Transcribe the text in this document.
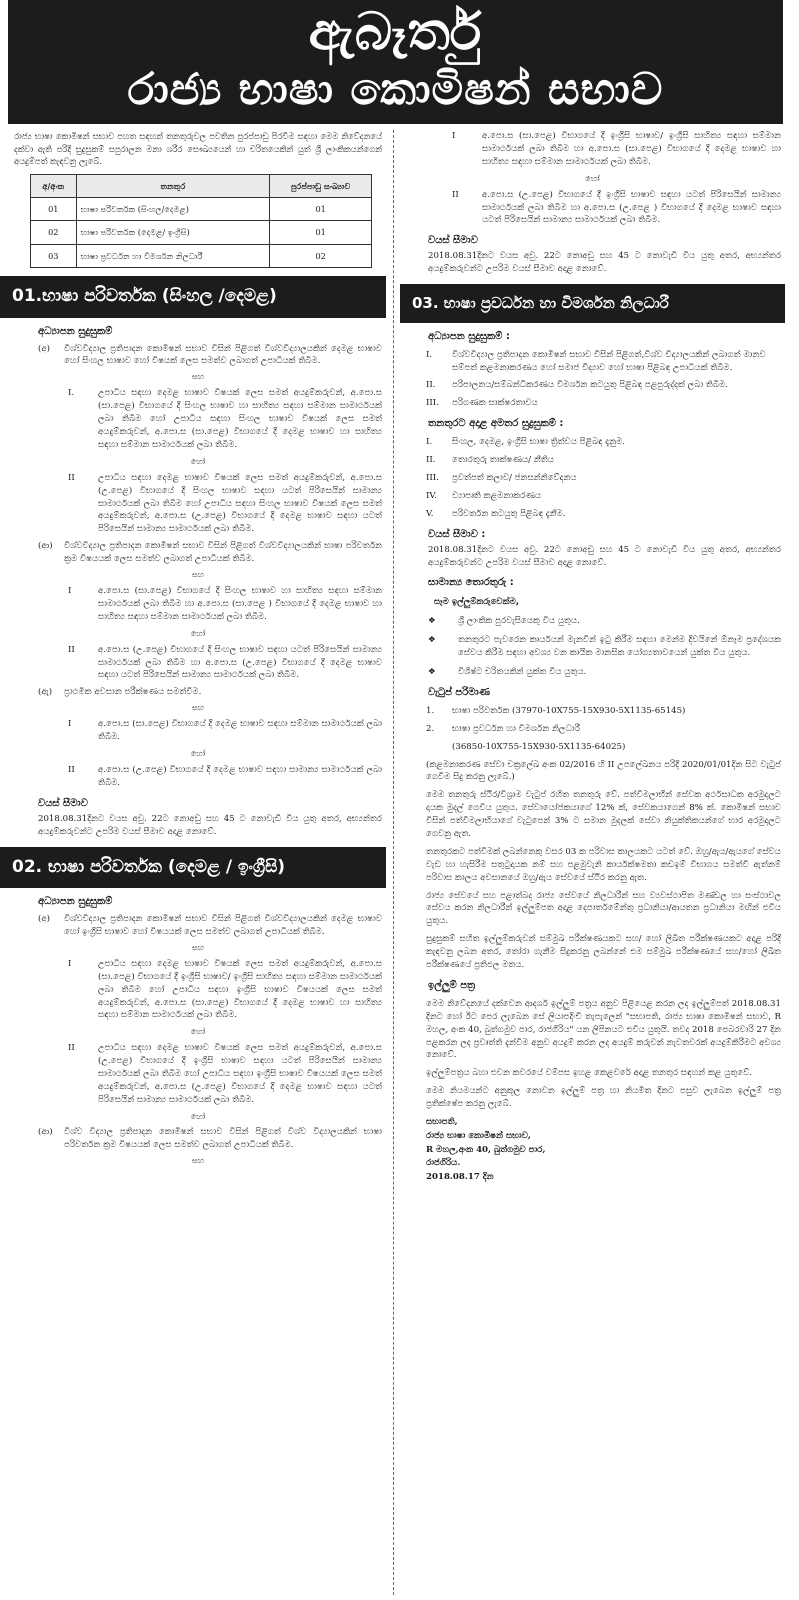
ඇබෑර්තු
රාජ්‍ය භාෂා කොමිෂන් සභාව

රාජ්‍ය භාෂා කොමිෂන් සභාව පහත සඳහන් තනතුරුවල පවතින පුරප්පාඩු පිරවීම සඳහා මෙම නිවේදනයේ දක්වා ඇති පරිදි සුදුසුකම් සපුරාලන මනා ශරීර සෞඛ්‍යයෙන් හා චරිතයෙකින් යුත් ශ්‍රී ලාංකිකයන්ගෙන් අයදුම්පත් කැඳවනු ලැබේ.

අ/අංක	තනතුර	පුරප්පාඩු සංඛ්‍යාව
01	භාෂා පරිවර්තක (සිංහල/දෙමළ)	01
02	භාෂා පරිවර්තක (දෙමළ/ ඉංග්‍රීසි)	01
03	භාෂා ප්‍රවර්ධන හා විමර්ශන නිලධාරී	02
01.භාෂා පරිවර්තක (සිංහල /දෙමළ)
අධ්‍යාපන සුදුසුකම්
(අ)	විශ්වවිද්‍යාල ප්‍රතිපාදන කොමිෂන් සභාව විසින් පිළිගත් විශ්වවිද්‍යාලයකින් දෙමළ භාෂාව හෝ සිංහල භාෂාව හෝ විෂයක් ලෙස සමත්ව ලබාගත් උපාධියක් තිබීම.
සහ
I.	උපාධිය සඳහා දෙමළ භාෂාව විෂයක් ලෙස සමත් අයදුම්කරුවන්, අ.පො.ස (සා.පෙළ) විභාගයේ දී සිංහල භාෂාව හා සාහිත්‍ය සඳහා සම්මාන සාමාර්ථයක් ලබා තිබීම හෝ උපාධිය සඳහා සිංහල භාෂාව විෂයක් ලෙස සමත් අයදුම්කරුවන්, අ.පො.ස (සා.පෙළ) විභාගයේ දී දෙමළ භාෂාව හා සාහිත්‍ය සඳහා සම්මාන සාමාර්ථයක් ලබා තිබීම.
හෝ
II	උපාධිය සඳහා දෙමළ භාෂාව විෂයක් ලෙස සමත් අයදුම්කරුවන්, අ.පො.ස (උ.පෙළ) විභාගයේ දී සිංහල භාෂාව සඳහා යටත් පිරිසෙයින් සාමාන්‍ය සාමාර්ථයක් ලබා තිබීම හෝ උපාධිය සඳහා සිංහල භාෂාව විෂයක් ලෙස සමත් අයදුම්කරුවන්, අ.පො.ස (උ.පෙළ) විභාගයේ දී දෙමළ භාෂාව සඳහා යටත් පිරිසෙයින් සාමාන්‍ය සාමාර්ථයක් ලබා තිබීම.
(ආ)	විශ්වවිද්‍යාල ප්‍රතිපාදන කොමිෂන් සභාව විසින් පිළිගත් විශ්වවිද්‍යාලයකින් භාෂා පරිවර්තන ක්‍රම විෂයයක් ලෙස සමත්ව ලබාගත් උපාධියක් තිබීම.
සහ
I	අ.පො.ස (සා.පෙළ) විභාගයේ දී සිංහල භාෂාව හා සාහිත්‍ය සඳහා සම්මාන සාමාර්ථයක් ලබා තිබීම හා අ.පො.ස (සා.පෙළ ) විභාගයේ දී දෙමළ භාෂාව හා සාහිත්‍ය සඳහා සම්මාන සාමාර්ථයක් ලබා තිබීම.
හෝ
II	අ.පො.ස (උ.පෙළ) විභාගයේ දී සිංහල භාෂාව සඳහා යටත් පිරිසෙයින් සාමාන්‍ය සාමාර්ථයක් ලබා තිබීම හා අ.පො.ස (උ.පෙළ) විභාගයේ දී දෙමළ භාෂාව සඳහා යටත් පිරිසෙයින් සාමාන්‍ය සාමාර්ථයක් ලබා තිබීම.
(ඇ)	ප්‍රාථමික අවසාන පරීක්ෂණය සමත්වීම.
සහ
I	අ.පො.ස (සා.පෙළ) විභාගයේ දී දෙමළ භාෂාව සඳහා සම්මාන සාමාර්ථයක් ලබා තිබීම.
හෝ
II	අ.පො.ස (උ.පෙළ) විභාගයේ දී දෙමළ භාෂාව සඳහා සාමාන්‍ය සාමාර්ථයක් ලබා තිබීම.
වයස් සීමාව

2018.08.31දිනට වයස අවු. 22ට නොඅඩු සහ 45 ට නොවැඩි විය යුතු අතර, අභ්‍යන්තර අයදුම්කරුවන්ට උපරිම වයස් සීමාව අදාළ නොවේ.

02. භාෂා පරිවර්තක (දෙමළ / ඉංග්‍රීසි)
අධ්‍යාපන සුදුසුකම්
(අ)	විශ්වවිද්‍යාල ප්‍රතිපාදන කොමිෂන් සභාව විසින් පිළිගත් විශ්වවිද්‍යාලයකින් දෙමළ භාෂාව හෝ ඉංග්‍රීසි භාෂාව හෝ විෂයයක් ලෙස සමත්ව ලබාගත් උපාධියක් තිබීම.
සහ
I	උපාධිය සඳහා දෙමළ භාෂාව විෂයක් ලෙස සමත් අයදුම්කරුවන්, අ.පො.ස (සා.පෙළ) විභාගයේ දී ඉංග්‍රීසි භාෂාව/ ඉංග්‍රීසි සාහිත්‍ය සඳහා සම්මාන සාමාර්ථයක් ලබා තිබීම හෝ උපාධිය සඳහා ඉංග්‍රීසි භාෂාව විෂයයක් ලෙස සමත් අයදුම්කරුවන්, අ.පො.ස (සා.පෙළ) විභාගයේ දී දෙමළ භාෂාව හා සාහිත්‍ය සඳහා සම්මාන සාමාර්ථයක් ලබා තිබීම.
හෝ
II	උපාධිය සඳහා දෙමළ භාෂාව විෂයක් ලෙස සමත් අයදුම්කරුවන්, අ.පො.ස (උ.පෙළ) විභාගයේ දී ඉංග්‍රීසි භාෂාව සඳහා යටත් පිරිසෙයින් සාමාන්‍ය සාමාර්ථයක් ලබා තිබීම හෝ උපාධිය සඳහා ඉංග්‍රීසි භාෂාව විෂයයක් ලෙස සමත් අයදුම්කරුවන්, අ.පො.ස (උ.පෙළ) විභාගයේ දී දෙමළ භාෂාව සඳහා යටත් පිරිසෙයින් සාමාන්‍ය සාමාර්ථයක් ලබා තිබීම.
හෝ
(ආ)	විශ්ව විද්‍යාල ප්‍රතිපාදන කොමිෂන් සභාව විසින් පිළිගත් විශ්ව විද්‍යාලයකින් භාෂා පරිවර්තන ක්‍රම විෂයයක් ලෙස සමත්ව ලබාගත් උපාධියක් තිබීම.
සහ
I	අ.පො.ස (සා.පෙළ) විභාගයේ දී ඉංග්‍රීසි භාෂාව/ ඉංග්‍රීසි සාහිත්‍ය සඳහා සම්මාන සාමාර්ථයක් ලබා තිබීම හා අ.පො.ස (සා.පෙළ) විභාගයේ දී දෙමළ භාෂාව හා සාහිත්‍ය සඳහා සම්මාන සාමාර්ථයක් ලබා තිබීම.
හෝ
II	අ.පො.ස (උ.පෙළ) විභාගයේ දී ඉංග්‍රීසි භාෂාව සඳහා යටත් පිරිසෙයින් සාමාන්‍ය සාමාර්ථයක් ලබා තිබීම හා අ.පො.ස (උ.පෙළ ) විභාගයේ දී දෙමළ භාෂාව සඳහා යටත් පිරිසෙයින් සාමාන්‍ය සාමාර්ථයක් ලබා තිබීම.
වයස් සීමාව

2018.08.31දිනට වයස අවු. 22ට නොඅඩු සහ 45 ට නොවැඩි විය යුතු අතර, අභ්‍යන්තර අයදුම්කරුවන්ට උපරිම වයස් සීමාව අදාළ නොවේ.

03. භාෂා ප්‍රවර්ධන හා විමර්ශන නිලධාරී
අධ්‍යාපන සුදුසුකම් :
I.	විශ්වවිද්‍යාල ප්‍රතිපාදන කොමිෂන් සභාව විසින් පිළිගත්,විශ්ව විද්‍යාලයකින් ලබාගත් මානව සම්පත් කළමනාකරණය හෝ සමාජ විද්‍යාව හෝ භාෂා පිළිබඳ උපාධියක් තිබීම.
II.	පරිපාලනය/සම්බන්ධීකරණය විමර්ශන කටයුතු පිළිබඳ පළපුරුද්දක් ලබා තිබීම.
III.	පරිගණක සාක්ෂරතාවය
තනතුරට අදාළ අමතර සුදුසුකම් :
I.	සිංහල, දෙමළ, ඉංග්‍රීසි භාෂා ත්‍රිත්වය පිළිබඳ දැනුම.
II.	තොරතුරු තාක්ෂණය/ නීතිය
III.	ප්‍රවත්පත් කලාව/ ජනසන්නිවේදනය
IV.	ව්‍යාපෘති කළමනාකරණය
V.	පරිවර්තන කටයුතු පිළිබඳ දැනීම.
වයස් සීමාව :

2018.08.31දිනට වයස අවු. 22ට නොඅඩු සහ 45 ට නොවැඩි විය යුතු අතර, අභ්‍යන්තර අයදුම්කරුවන්ට උපරිම වයස් සීමාව අදාළ නොවේ.

සාමාන්‍ය තොරතුරු :
සෑම ඉල්ලුම්කරුවෙක්ම,
❖	ශ්‍රී ලාංකික පුරවැසියෙකු විය යුතුය.
❖	තනතුරට පැවරෙන කාර්යයන් මැනවින් ඉටු කිරීම සඳහා මෙන්ම දිවයිනේ ඕනෑම ප්‍රදේශයක සේවය කිරීම සඳහා අවශ්‍ය වන කායික මානසික යෝග්‍යතාවයෙන් යුක්ත විය යුතුය.
❖	විශිෂ්ට චරිතයකින් යුක්ත විය යුතුය.
වැටුප් පරිමාණ
1.	භාෂා පරිවර්තක (37970-10X755-15X930-5X1135-65145)
2.	භාෂා ප්‍රවර්ධන හා විමර්ශන නිලධාරී
(36850-10X755-15X930-5X1135-64025)
(කළමනාකරණ සේවා චක්‍රලේඛ අංක 02/2016 හි II උපලේඛනය පරිදි 2020/01/01දින සිට වැටුප් ගෙවීම සිදු කරනු ලැබේ.)
මෙම තනතුරු ස්ථිර/විශ්‍රාම වැටුප් රහිත තනතුරු වේ. පත්වීමලාභීන් සේවක අර්ථසාධක අරමුදලට දායක මුදල් ගෙවිය යුතුය. සේවායෝජකයාගේ 12% ක්, සේවකයාගෙන් 8% ක්. කොමිෂන් සභාව විසින් පත්වීමලාභියාගේ වැටුපෙන් 3% ට සමාන මුදලක් සේවා නියුක්තිකයන්ගේ භාර අරමුදලට ගෙවනු ඇත.
තනතුරකට පත්වීමක් ලබන්නෙකු වසර 03 ක පරිවාස කාලයකට යටත් වේ. ඔහු/ඇය/ඇයගේ සේවය වැඩ හා හැසිරීම සතුටුදායක නම් සහ පළමුවැනි කාර්යක්ෂමතා කඩඉම් විභාගය සමත්වී ඇත්නම් පරිවාස කාලය අවසානයේ ඔහු/ඇය සේවයේ ස්ථිර කරනු ඇත.
රාජ්‍ය සේවයේ සහ පළාත්බද රාජ්‍ය සේවයේ නිලධාරීන් සහ ව්‍යවස්ථාපිත මණ්ඩල හා සංස්ථාවල සේවය කරන නිලධාරීන් ඉල්ලුම්පත අදාළ දෙපාර්තමේන්තු ප්‍රධානියා/ආයතන ප්‍රධානියා මඟින් එවිය යුතුය.
සුදුසුකම් සහිත ඉල්ලුම්කරුවන් සම්මුඛ පරීක්ෂණයකට සහ/ හෝ ලිඛිත පරීක්ෂණයකට අදාළ පරිදි කැඳවනු ලබන අතර, තෝරා ගැනීම සිදුකරනු ලබන්නේ එම සම්මුඛ පරීක්ෂණයේ සහ/හෝ ලිඛිත පරීක්ෂණයේ ප්‍රතිඵල මතය.
ඉල්ලුම් පත්‍ර
මෙම නිවේදනයේ දක්වෙන ආදර්ශ ඉල්ලුම් පත්‍රය අනුව පිළියෙළ කරන ලද ඉල්ලුම්පත් 2018.08.31 දිනට හෝ ඊට පෙර ලැබෙන සේ ලියාපදිංචි තැපැලෙන් "සභාපති, රාජ්‍ය භාෂා කොමිෂන් සභාව, R මහල, අංක 40, බුත්ගමුව පාර, රාජගිරිය" යන ලිපිනයට එවිය යුතුයි. තවද 2018 පෙබරවාරි 27 දින පළකරන ලද ප්‍රවෘත්ති දැන්වීම අනුව අයදුම් කරන ලද අයදුම් කරුවන් නැවතවරක් අයදුම්කිරීමට අවශ්‍ය නොවේ.
ඉල්ලුම්පත්‍රය බහා එවන කවරයේ වම්පස ඉහළ කෙළවරේ අදාළ තනතුර සඳහන් කළ යුතුවේ.
මෙම නියමයන්ට අනුකූල නොවන ඉල්ලුම් පත්‍ර හා නියමිත දිනට පසුව ලැබෙන ඉල්ලුම් පත්‍ර ප්‍රතික්ෂේප කරනු ලැබේ.
සභාපති,
රාජ්‍ය භාෂා කොමිෂන් සභාව,
R මහල,අංක 40, බුත්ගමුව පාර,
රාජගිරිය.
2018.08.17 දින
